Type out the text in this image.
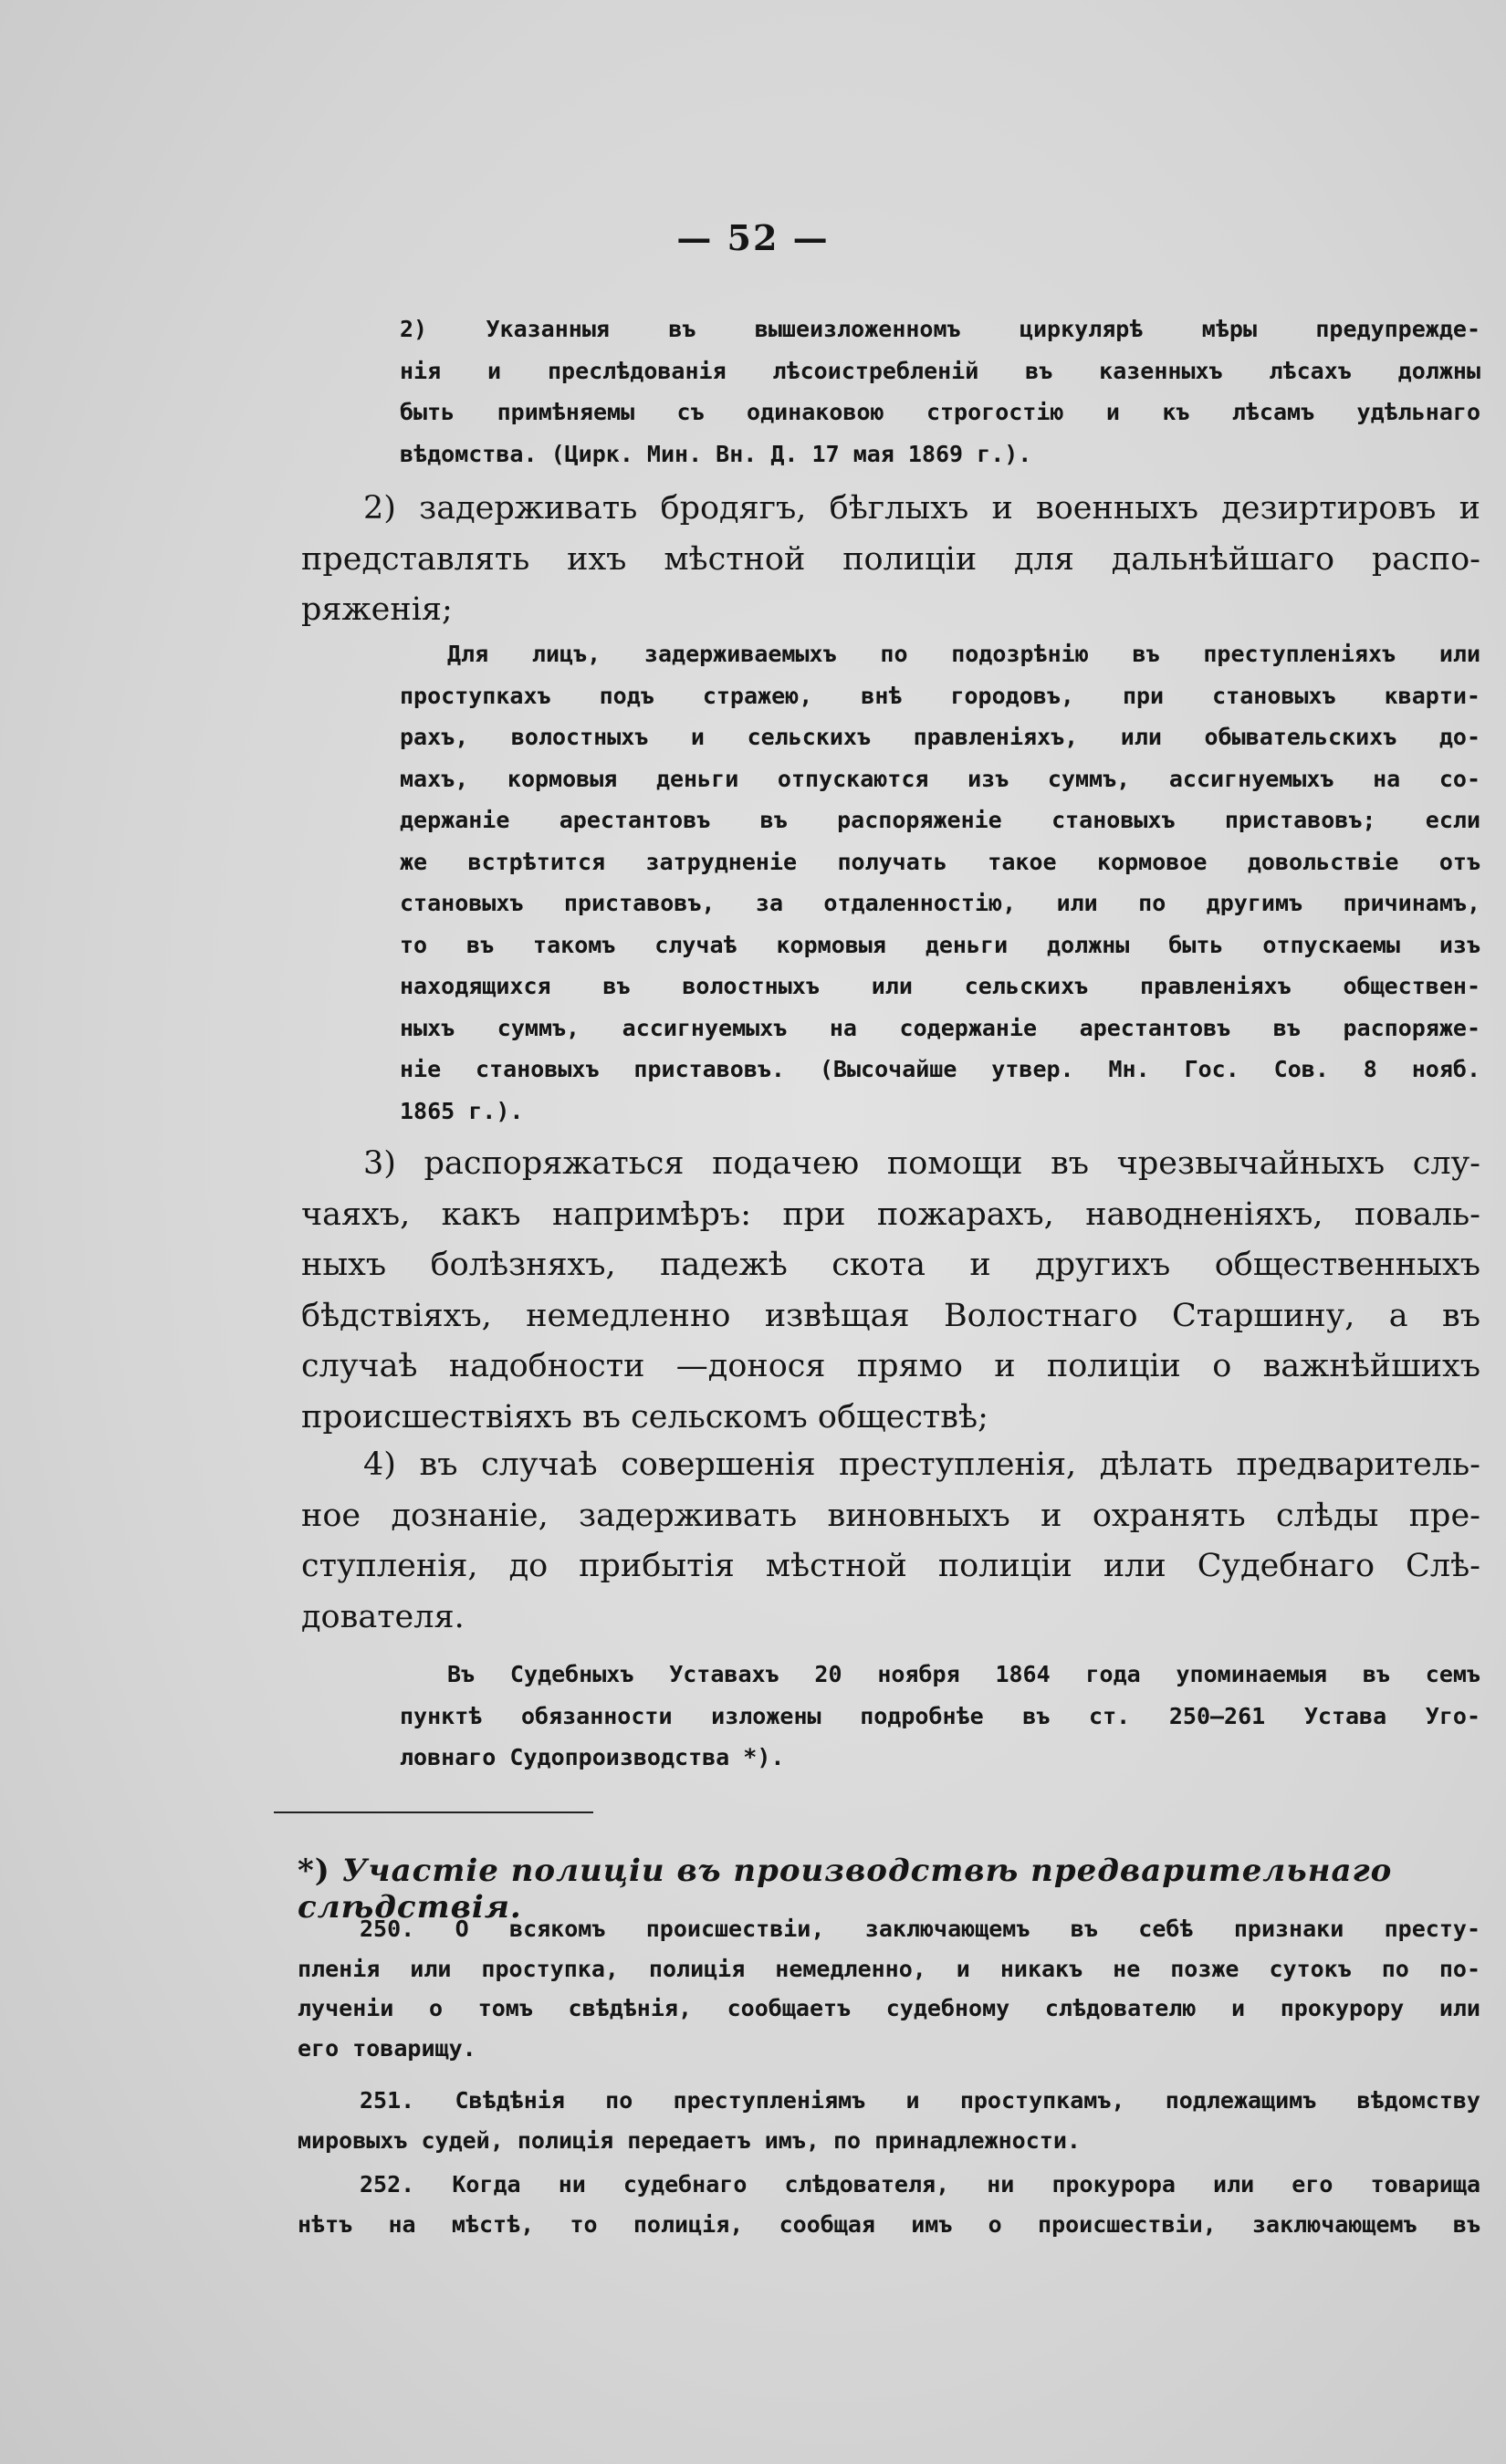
— 52 —
2) Указанныя въ вышеизложенномъ циркулярѣ мѣры предупрежде-
нія и преслѣдованія лѣсоистребленій въ казенныхъ лѣсахъ должны
быть примѣняемы съ одинаковою строгостію и къ лѣсамъ удѣльнаго
вѣдомства. (Цирк. Мин. Вн. Д. 17 мая 1869 г.).
2) задерживать бродягъ, бѣглыхъ и военныхъ дезиртировъ и
представлять ихъ мѣстной полиціи для дальнѣйшаго распо-
ряженія;
Для лицъ, задерживаемыхъ по подозрѣнію въ преступленіяхъ или
проступкахъ подъ стражею, внѣ городовъ, при становыхъ кварти-
рахъ, волостныхъ и сельскихъ правленіяхъ, или обывательскихъ до-
махъ, кормовыя деньги отпускаются изъ суммъ, ассигнуемыхъ на со-
держаніе арестантовъ въ распоряженіе становыхъ приставовъ; если
же встрѣтится затрудненіе получать такое кормовое довольствіе отъ
становыхъ приставовъ, за отдаленностію, или по другимъ причинамъ,
то въ такомъ случаѣ кормовыя деньги должны быть отпускаемы изъ
находящихся въ волостныхъ или сельскихъ правленіяхъ обществен-
ныхъ суммъ, ассигнуемыхъ на содержаніе арестантовъ въ распоряже-
ніе становыхъ приставовъ. (Высочайше утвер. Мн. Гос. Сов. 8 нояб.
1865 г.).
3) распоряжаться подачею помощи въ чрезвычайныхъ слу-
чаяхъ, какъ напримѣръ: при пожарахъ, наводненіяхъ, поваль-
ныхъ болѣзняхъ, падежѣ скота и другихъ общественныхъ
бѣдствіяхъ, немедленно извѣщая Волостнаго Старшину, а въ
случаѣ надобности —доноcя прямо и полиціи о важнѣйшихъ
происшествіяхъ въ сельскомъ обществѣ;
4) въ случаѣ совершенія преступленія, дѣлать предваритель-
ное дознаніе, задерживать виновныхъ и охранять слѣды пре-
ступленія, до прибытія мѣстной полиціи или Судебнаго Слѣ-
дователя.
Въ Судебныхъ Уставахъ 20 ноября 1864 года упоминаемыя въ семъ
пунктѣ обязанности изложены подробнѣе въ ст. 250—261 Устава Уго-
ловнаго Судопроизводства *).
*) Участіе полиціи въ производствѣ предварительнаго слѣдствія.
250. О всякомъ происшествіи, заключающемъ въ себѣ признаки престу-
пленія или проступка, полиція немедленно, и никакъ не позже сутокъ по по-
лученіи о томъ свѣдѣнія, сообщаетъ судебному слѣдователю и прокурору или
его товарищу.
251. Свѣдѣнія по преступленіямъ и проступкамъ, подлежащимъ вѣдомству
мировыхъ судей, полиція передаетъ имъ, по принадлежности.
252. Когда ни судебнаго слѣдователя, ни прокурора или его товарища
нѣтъ на мѣстѣ, то полиція, сообщая имъ о происшествіи, заключающемъ въ
